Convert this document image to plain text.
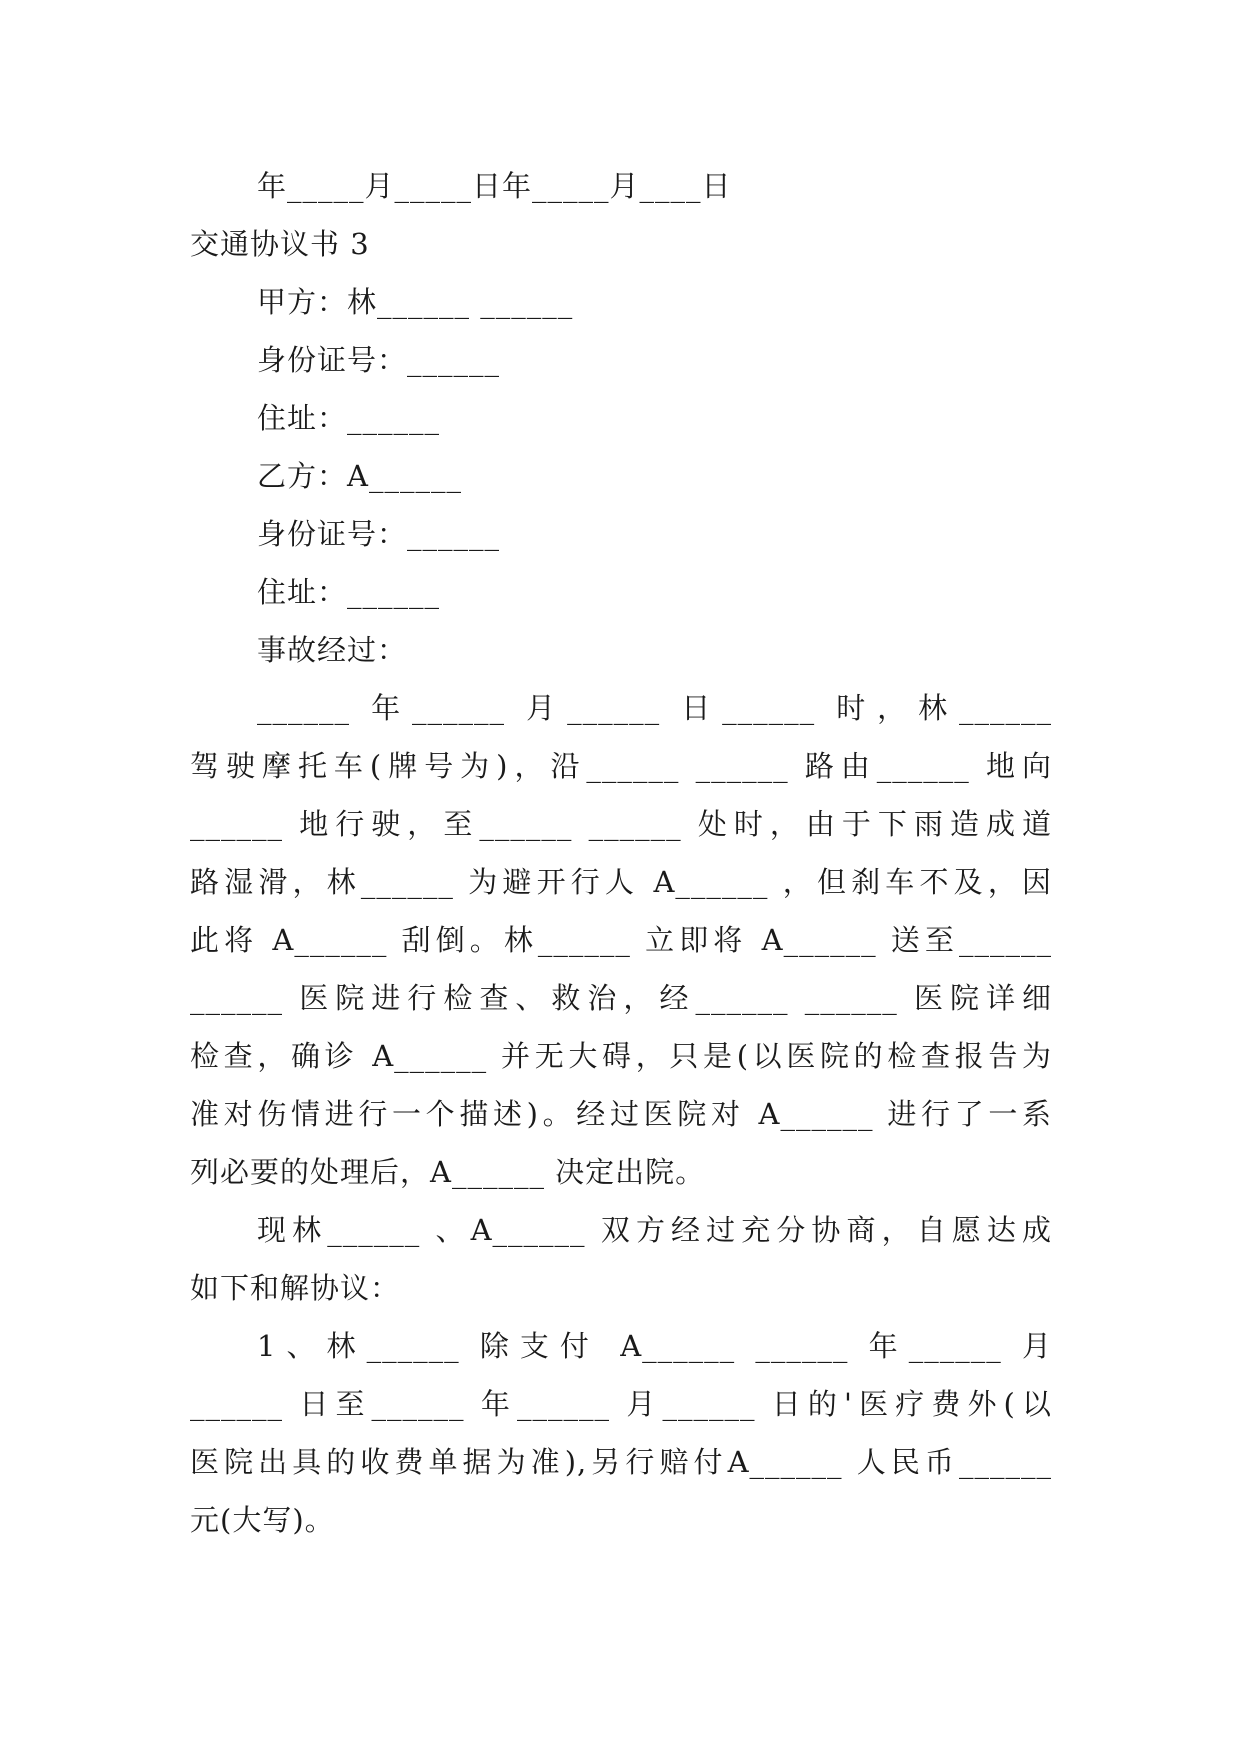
年_____月_____日年_____月____日
交通协议书 3
甲方：林______ ______
身份证号：______
住址：______
乙方：A______
身份证号：______
住址：______
事故经过：
______ 年______ 月______ 日______ 时，林______
驾驶摩托车(牌号为)，沿______ ______ 路由______ 地向
______ 地行驶，至______ ______ 处时，由于下雨造成道
路湿滑，林______ 为避开行人 A______ ，但刹车不及，因
此将 A______ 刮倒。林______ 立即将 A______ 送至______
______ 医院进行检查、救治，经______ ______ 医院详细
检查，确诊 A______ 并无大碍，只是(以医院的检查报告为
准对伤情进行一个描述)。经过医院对 A______ 进行了一系
列必要的处理后，A______ 决定出院。
现林______ 、A______ 双方经过充分协商，自愿达成
如下和解协议：
1、林______ 除支付 A______ ______ 年______ 月
______ 日至______ 年______ 月______ 日的'医疗费外(以
医院出具的收费单据为准),另行赔付A______ 人民币______
元(大写)。
